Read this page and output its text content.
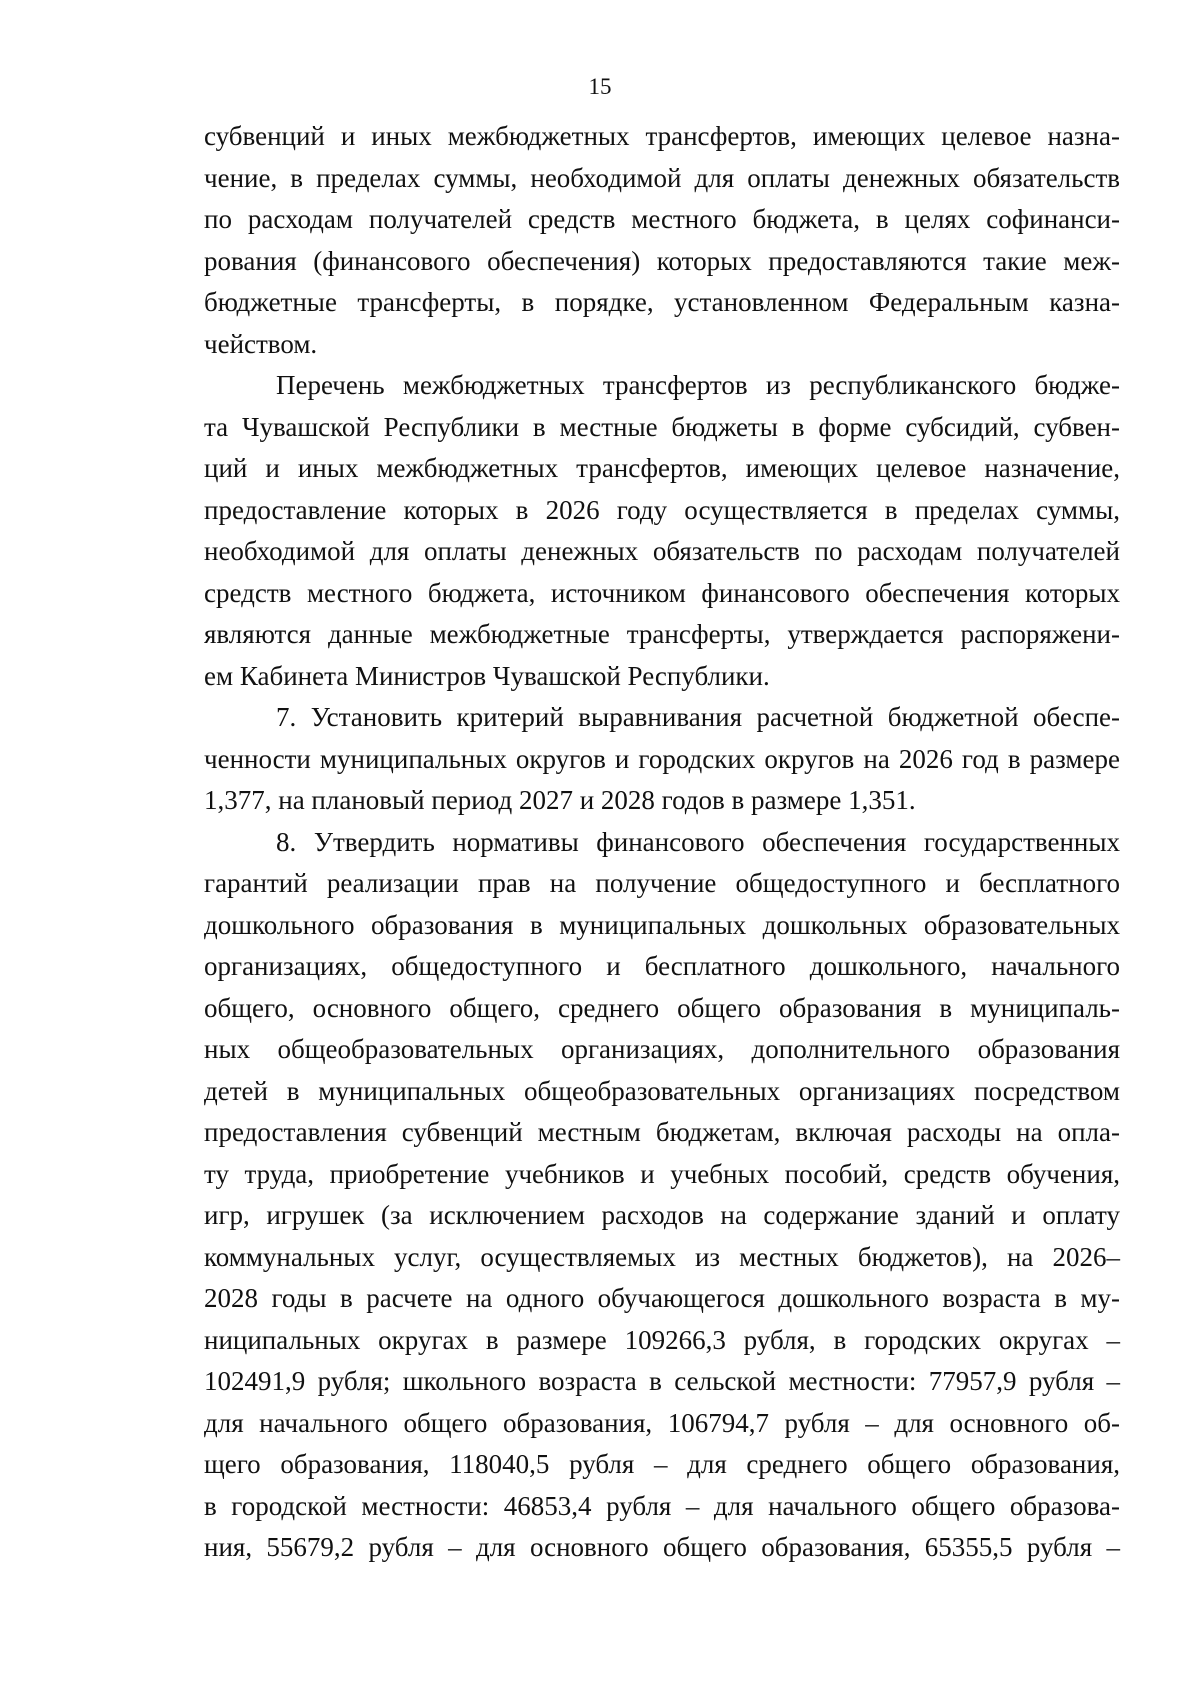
15

субвенций и иных межбюджетных трансфертов, имеющих целевое назна-

чение, в пределах суммы, необходимой для оплаты денежных обязательств

по расходам получателей средств местного бюджета, в целях софинанси-

рования (финансового обеспечения) которых предоставляются такие меж-

бюджетные трансферты, в порядке, установленном Федеральным казна-

чейством.

Перечень межбюджетных трансфертов из республиканского бюдже-

та Чувашской Республики в местные бюджеты в форме субсидий, субвен-

ций и иных межбюджетных трансфертов, имеющих целевое назначение,

предоставление которых в 2026 году осуществляется в пределах суммы,

необходимой для оплаты денежных обязательств по расходам получателей

средств местного бюджета, источником финансового обеспечения которых

являются данные межбюджетные трансферты, утверждается распоряжени-

ем Кабинета Министров Чувашской Республики.

7. Установить критерий выравнивания расчетной бюджетной обеспе-

ченности муниципальных округов и городских округов на 2026 год в размере

1,377, на плановый период 2027 и 2028 годов в размере 1,351.

8. Утвердить нормативы финансового обеспечения государственных

гарантий реализации прав на получение общедоступного и бесплатного

дошкольного образования в муниципальных дошкольных образовательных

организациях, общедоступного и бесплатного дошкольного, начального

общего, основного общего, среднего общего образования в муниципаль-

ных общеобразовательных организациях, дополнительного образования

детей в муниципальных общеобразовательных организациях посредством

предоставления субвенций местным бюджетам, включая расходы на опла-

ту труда, приобретение учебников и учебных пособий, средств обучения,

игр, игрушек (за исключением расходов на содержание зданий и оплату

коммунальных услуг, осуществляемых из местных бюджетов), на 2026–

2028 годы в расчете на одного обучающегося дошкольного возраста в му-

ниципальных округах в размере 109266,3 рубля, в городских округах –

102491,9 рубля; школьного возраста в сельской местности: 77957,9 рубля –

для начального общего образования, 106794,7 рубля – для основного об-

щего образования, 118040,5 рубля – для среднего общего образования,

в городской местности: 46853,4 рубля – для начального общего образова-

ния, 55679,2 рубля – для основного общего образования, 65355,5 рубля –
